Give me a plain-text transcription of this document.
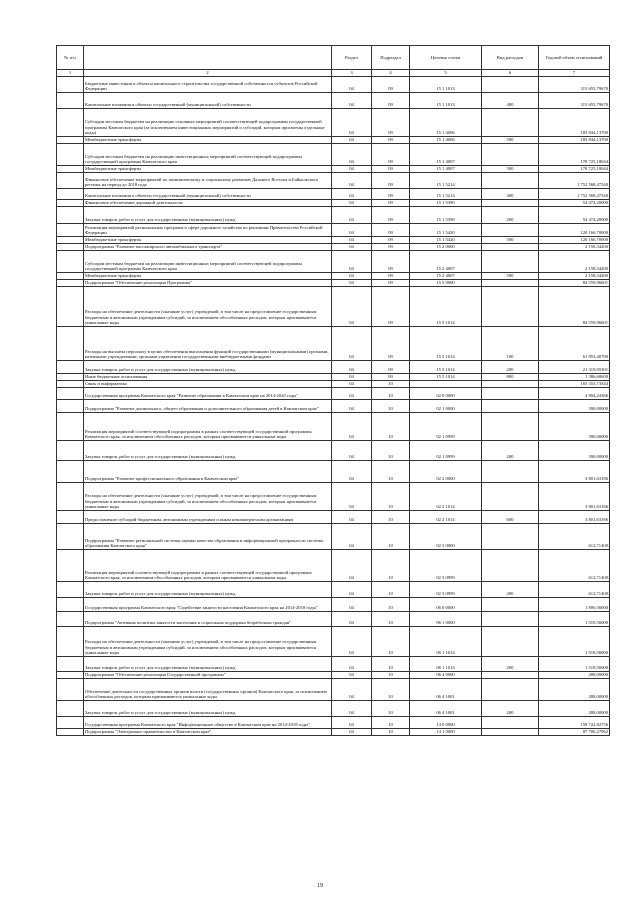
№ п/п		Раздел	Подраздел	Целевая статья	Вид расходов	Годовой объем ассигнований
1	2	3	4	5	6	7
	Бюджетные инвестиции в объекты капитального строительства государственной собственности субъектов Российской Федерации	04	09	15 1 1013		315 655,79670
	Капитальные вложения в объекты государственной (муниципальной) собственности	04	09	15 1 1013	400	315 655,79670
	Субсидии местным бюджетам на реализацию основных мероприятий соответствующей подпрограммы государственной программы Камчатского края (за исключением инвестиционных мероприятий и субсидий, которым присвоены отдельные коды)	04	09	15 1 4006		183 844,13700
	Межбюджетные трансферты	04	09	15 1 4006	500	183 844,13700
	Субсидии местным бюджетам на реализацию инвестиционных мероприятий соответствующей подпрограммы государственной программы Камчатского края	04	09	15 1 4007		178 725,18044
	Межбюджетные трансферты	04	09	15 1 4007	500	178 725,18044
	Финансовое обеспечение мероприятий по экономическому и социальному развитию Дальнего Востока и Байкальского региона на период до 2018 года	04	09	15 1 5214		1 752 568,47540
	Капитальные вложения в объекты государственной (муниципальной) собственности	04	09	15 1 5214	400	1 752 568,47540
	Финансовое обеспечение дорожной деятельности	04	09	15 1 5390		54 474,20000
	Закупка товаров, работ и услуг для государственных (муниципальных) нужд	04	09	15 1 5390	200	54 474,20000
	Реализация мероприятий региональных программ в сфере дорожного хозяйства по решениям Правительства Российской Федерации	04	09	15 1 5420		120 166,70000
	Межбюджетные трансферты	04	09	15 1 5420	500	120 166,70000
	Подпрограмма "Развитие пассажирского автомобильного транспорта"	04	09	15 2 0000		2 158,34200
	Субсидии местным бюджетам на реализацию инвестиционных мероприятий соответствующей подпрограммы государственной программы Камчатского края	04	09	15 2 4007		2 158,34200
	Межбюджетные трансферты	04	09	15 2 4007	500	2 158,34200
	Подпрограмма "Обеспечение реализации Программы"	04	09	15 5 0000		84 559,96601
	Расходы на обеспечение деятельности (оказание услуг) учреждений, в том числе на предоставление государственным бюджетным и автономным учреждениям субсидий, за исключением обособленных расходов, которым присваиваются уникальные коды	04	09	15 5 1014		84 559,96601
	Расходы на выплаты персоналу в целях обеспечения выполнения функций государственными (муниципальными) органами, казенными учреждениями, органами управления государственными внебюджетными фондами	04	09	15 5 1014	100	61 853,40700
	Закупка товаров, работ и услуг для государственных (муниципальных) нужд	04	09	15 5 1014	200	21 319,95301
	Иные бюджетные ассигнования	04	09	15 5 1014	800	1 386,60600
	Связь и информатика	04	10			165 353,73344
	Государственная программа Камчатского края "Развитие образования в Камчатском крае на 2014-2020 годы"	04	10	02 0 0000		4 804,24386
	Подпрограмма "Развитие дошкольного, общего образования и дополнительного образования детей в Камчатском крае"	04	10	02 1 0000		390,00000
	Реализация мероприятий соответствующей подпрограммы в рамках соответствующей государственной программы Камчатского края, за исключением обособленных расходов, которым присваиваются уникальные коды	04	10	02 1 0999		390,00000
	Закупка товаров, работ и услуг для государственных (муниципальных) нужд	04	10	02 1 0999	200	390,00000
	Подпрограмма "Развитие профессионального образования в Камчатском крае"	04	10	02 2 0000		3 801,63186
	Расходы на обеспечение деятельности (оказание услуг) учреждений, в том числе на предоставление государственным бюджетным и автономным учреждениям субсидий, за исключением обособленных расходов, которым присваиваются уникальные коды	04	10	02 2 1014		3 801,63186
	Предоставление субсидий бюджетным, автономным учреждениям и иным некоммерческим организациям	04	10	02 2 1014	600	3 801,63186
	Подпрограмма "Развитие региональной системы оценки качества образования и информационной прозрачности системы образования Камчатского края"	04	10	02 3 0000		612,71400
	Реализация мероприятий соответствующей подпрограммы в рамках соответствующей государственной программы Камчатского края, за исключением обособленных расходов, которым присваиваются уникальные коды	04	10	02 3 0999		612,71400
	Закупка товаров, работ и услуг для государственных (муниципальных) нужд	04	10	02 3 0999	200	612,71400
	Государственная программа Камчатского края "Содействие занятости населения Камчатского края на 2014-2018 годы"	04	10	06 0 0000		1 806,56000
	Подпрограмма "Активная политика занятости населения и социальная поддержка безработных граждан"	04	10	06 1 0000		1 518,56000
	Расходы на обеспечение деятельности (оказание услуг) учреждений, в том числе на предоставление государственным бюджетным и автономным учреждениям субсидий, за исключением обособленных расходов, которым присваиваются уникальные коды	04	10	06 1 1014		1 518,56000
	Закупка товаров, работ и услуг для государственных (муниципальных) нужд	04	10	06 1 1014	200	1 518,56000
	Подпрограмма "Обеспечение реализации Государственной программы"	04	10	06 4 0000		288,00000
	Обеспечение деятельности государственных органов власти (государственных органов) Камчатского края, за исключением обособленных расходов, которым присваиваются уникальные коды	04	10	06 4 1001		288,00000
	Закупка товаров, работ и услуг для государственных (муниципальных) нужд	04	10	06 4 1001	200	288,00000
	Государственная программа Камчатского края "Информационное общество в Камчатском крае на 2014-2018 годы"	04	10	14 0 0000		158 722,82756
	Подпрограмма "Электронное правительство в Камчатском крае"	04	10	14 1 0000		87 706,27962
19
